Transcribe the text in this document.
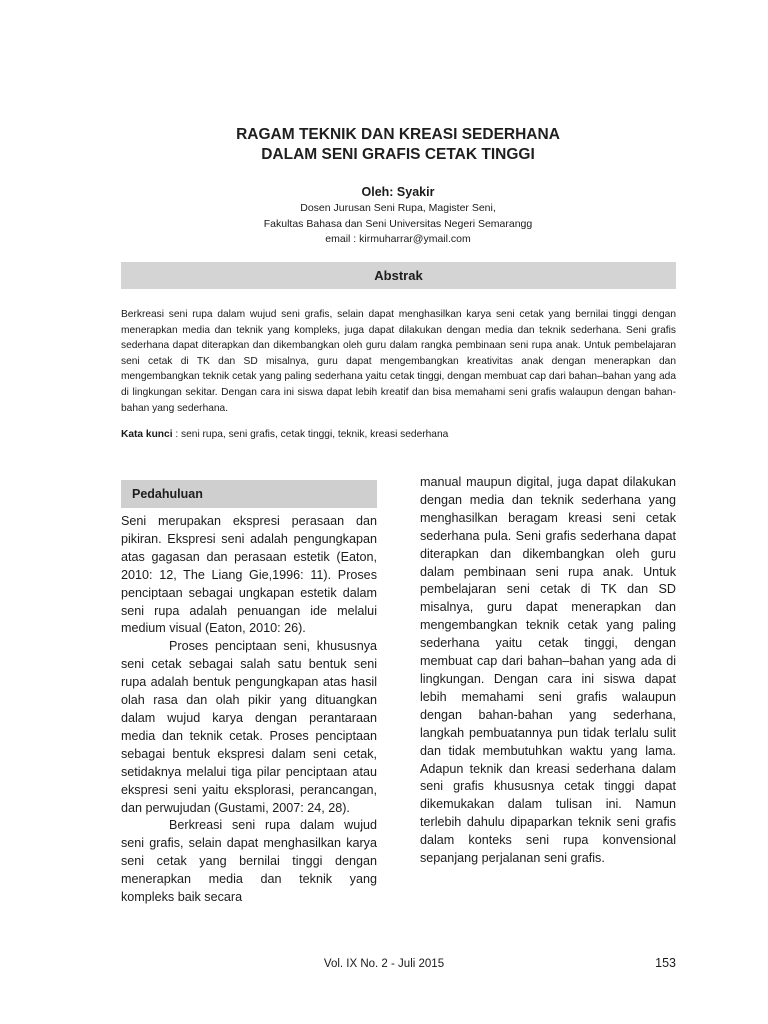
RAGAM TEKNIK DAN KREASI SEDERHANA
DALAM SENI GRAFIS CETAK TINGGI
Oleh: Syakir
Dosen Jurusan Seni Rupa, Magister Seni,
Fakultas Bahasa dan Seni Universitas Negeri Semarangg
email : kirmuharrar@ymail.com
Abstrak
Berkreasi seni rupa dalam wujud seni grafis, selain dapat menghasilkan karya seni cetak yang bernilai tinggi dengan menerapkan media dan teknik yang kompleks, juga dapat dilakukan dengan media dan teknik sederhana. Seni grafis sederhana dapat diterapkan dan dikembangkan oleh guru dalam rangka pembinaan seni rupa anak. Untuk pembelajaran seni cetak di TK dan SD misalnya, guru dapat mengembangkan kreativitas anak dengan menerapkan dan mengembangkan teknik cetak yang paling sederhana yaitu cetak tinggi, dengan membuat cap dari bahan–bahan yang ada di lingkungan sekitar. Dengan cara ini siswa dapat lebih kreatif dan bisa memahami seni grafis walaupun dengan bahan-bahan yang sederhana.
Kata kunci : seni rupa, seni grafis, cetak tinggi, teknik, kreasi sederhana
Pedahuluan

Seni merupakan ekspresi perasaan dan pikiran. Ekspresi seni adalah pengungkapan atas gagasan dan perasaan estetik (Eaton, 2010: 12, The Liang Gie,1996: 11). Proses penciptaan sebagai ungkapan estetik dalam seni rupa adalah penuangan ide melalui medium visual (Eaton, 2010: 26).

Proses penciptaan seni, khususnya seni cetak sebagai salah satu bentuk seni rupa adalah bentuk pengungkapan atas hasil olah rasa dan olah pikir yang dituangkan dalam wujud karya dengan perantaraan media dan teknik cetak. Proses penciptaan sebagai bentuk ekspresi dalam seni cetak, setidaknya melalui tiga pilar penciptaan atau ekspresi seni yaitu eksplorasi, perancangan, dan perwujudan (Gustami, 2007: 24, 28).

Berkreasi seni rupa dalam wujud seni grafis, selain dapat menghasilkan karya seni cetak yang bernilai tinggi dengan menerapkan media dan teknik yang kompleks baik secara

manual maupun digital, juga dapat dilakukan dengan media dan teknik sederhana yang menghasilkan beragam kreasi seni cetak sederhana pula. Seni grafis sederhana dapat diterapkan dan dikembangkan oleh guru dalam pembinaan seni rupa anak. Untuk pembelajaran seni cetak di TK dan SD misalnya, guru dapat menerapkan dan mengembangkan teknik cetak yang paling sederhana yaitu cetak tinggi, dengan membuat cap dari bahan–bahan yang ada di lingkungan. Dengan cara ini siswa dapat lebih memahami seni grafis walaupun dengan bahan-bahan yang sederhana, langkah pembuatannya pun tidak terlalu sulit dan tidak membutuhkan waktu yang lama. Adapun teknik dan kreasi sederhana dalam seni grafis khususnya cetak tinggi dapat dikemukakan dalam tulisan ini. Namun terlebih dahulu dipaparkan teknik seni grafis dalam konteks seni rupa konvensional sepanjang perjalanan seni grafis.

Vol. IX No. 2 - Juli 2015	153
